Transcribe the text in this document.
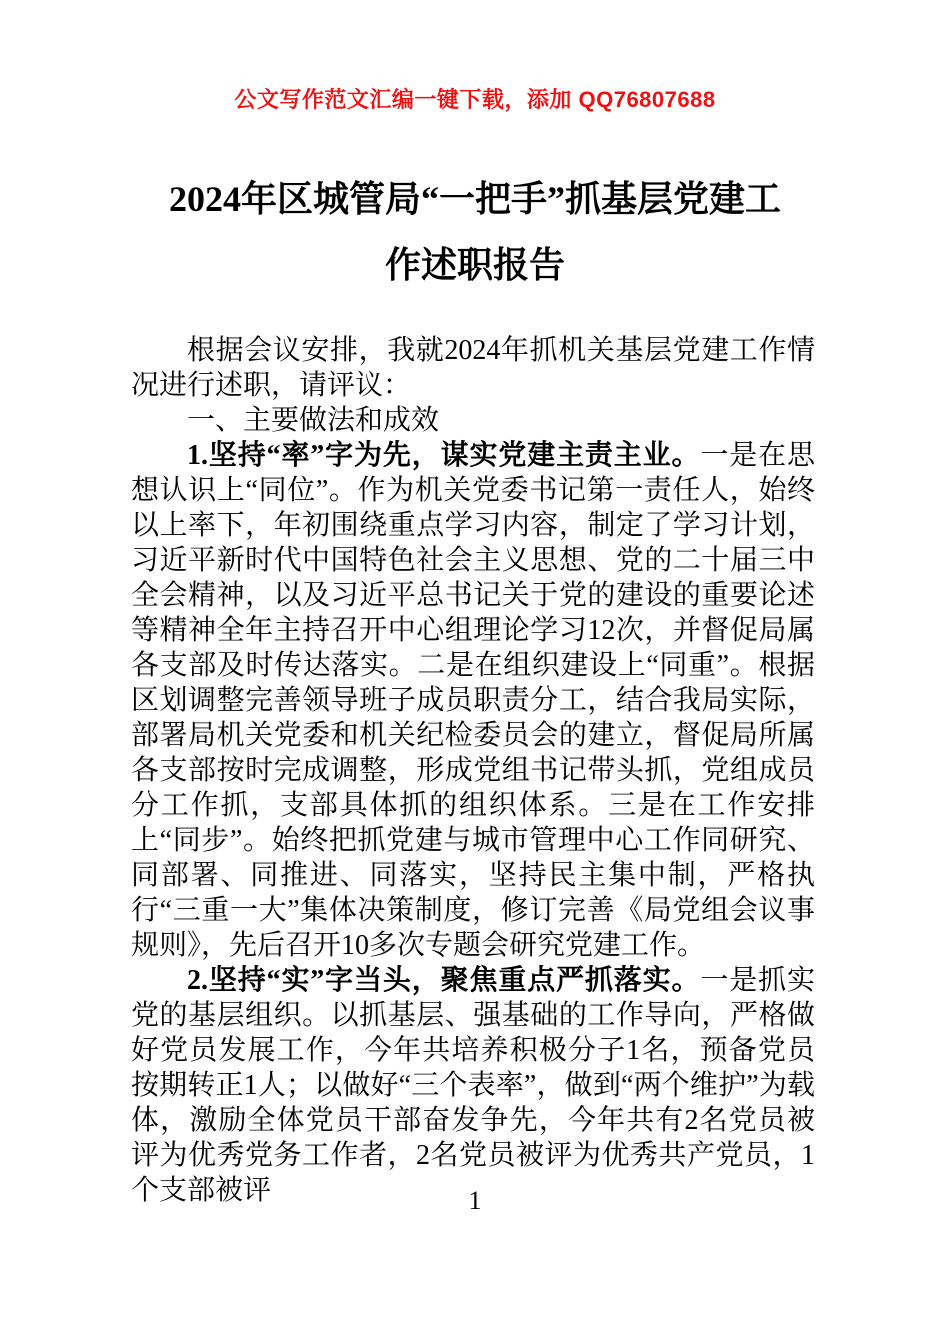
公文写作范文汇编一键下载，添加 QQ76807688
2024年区城管局“一把手”抓基层党建工
作述职报告

根据会议安排，我就2024年抓机关基层党建工作情况进行述职，请评议：

一、主要做法和成效

1.坚持“率”字为先，谋实党建主责主业。一是在思想认识上“同位”。作为机关党委书记第一责任人，始终以上率下，年初围绕重点学习内容，制定了学习计划，习近平新时代中国特色社会主义思想、党的二十届三中全会精神，以及习近平总书记关于党的建设的重要论述等精神全年主持召开中心组理论学习12次，并督促局属各支部及时传达落实。二是在组织建设上“同重”。根据区划调整完善领导班子成员职责分工，结合我局实际，部署局机关党委和机关纪检委员会的建立，督促局所属各支部按时完成调整，形成党组书记带头抓，党组成员分工作抓，支部具体抓的组织体系。三是在工作安排上“同步”。始终把抓党建与城市管理中心工作同研究、同部署、同推进、同落实，坚持民主集中制，严格执行“三重一大”集体决策制度，修订完善《局党组会议事规则》，先后召开10多次专题会研究党建工作。

2.坚持“实”字当头，聚焦重点严抓落实。一是抓实党的基层组织。以抓基层、强基础的工作导向，严格做好党员发展工作，今年共培养积极分子1名，预备党员按期转正1人；以做好“三个表率”，做到“两个维护”为载体，激励全体党员干部奋发争先，今年共有2名党员被评为优秀党务工作者，2名党员被评为优秀共产党员，1个支部被评	1
